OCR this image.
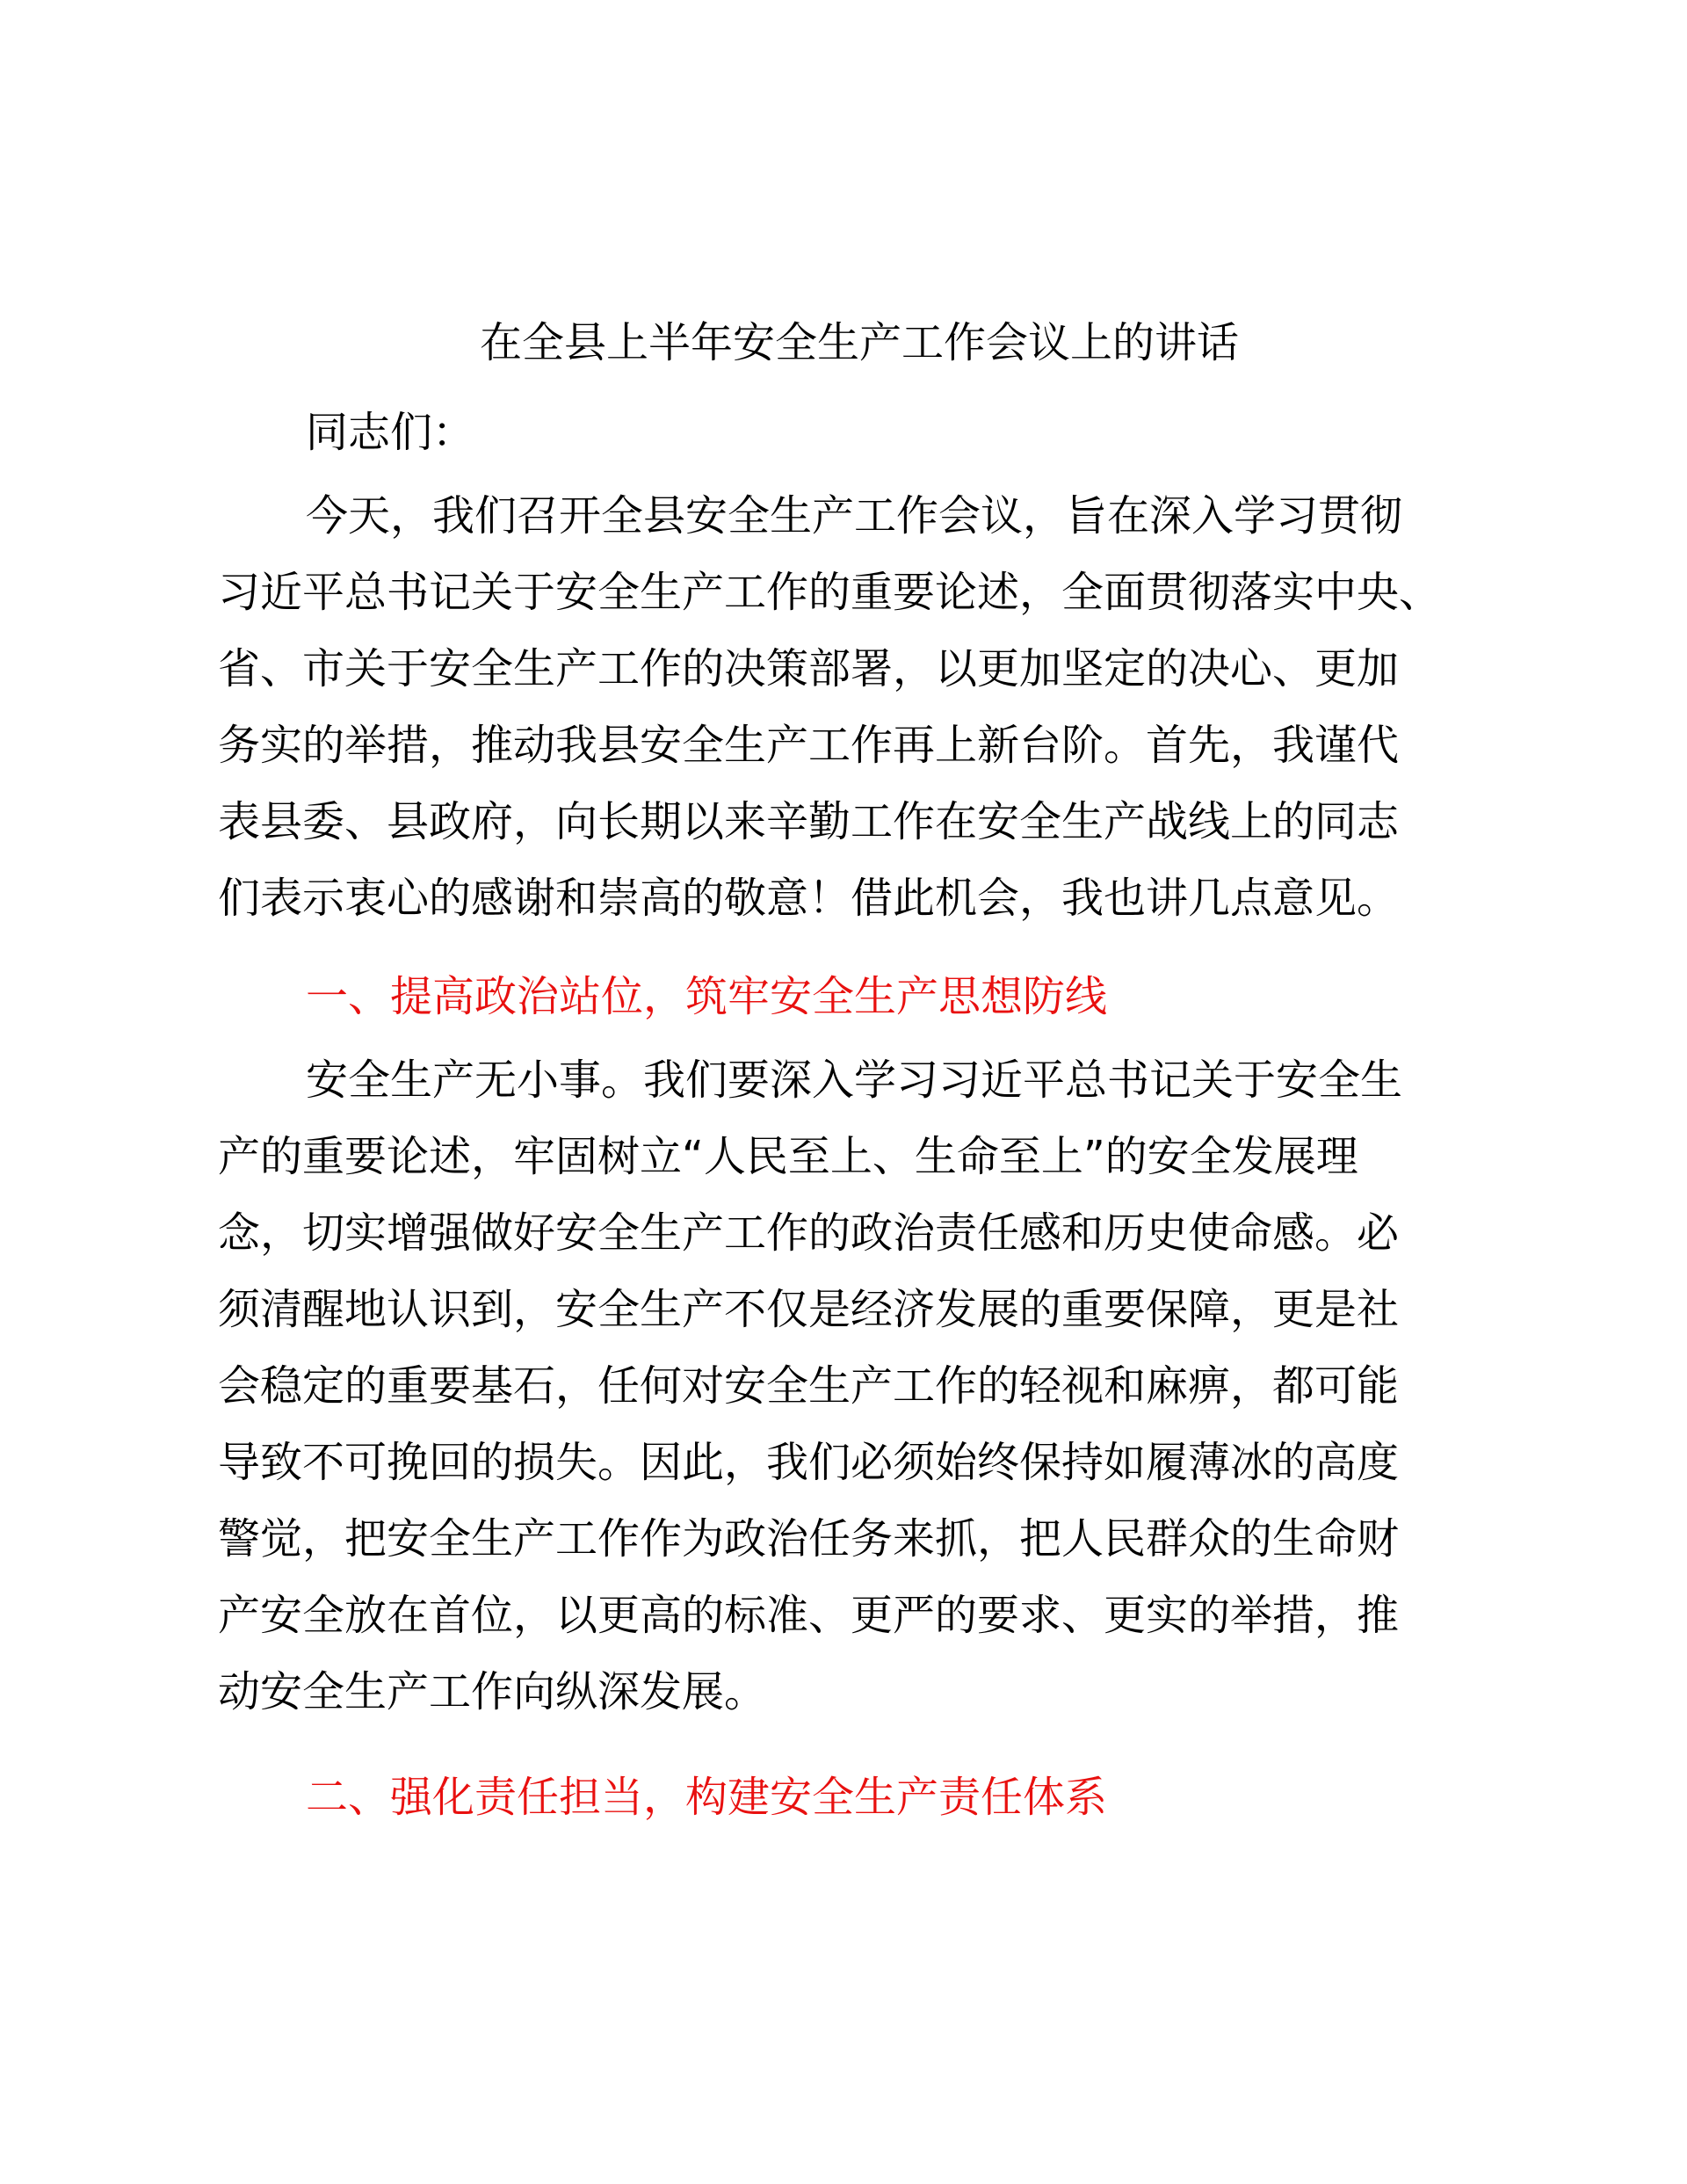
在全县上半年安全生产工作会议上的讲话

同志们：

今天，我们召开全县安全生产工作会议，旨在深入学习贯彻
习近平总书记关于安全生产工作的重要论述，全面贯彻落实中央、
省、市关于安全生产工作的决策部署，以更加坚定的决心、更加
务实的举措，推动我县安全生产工作再上新台阶。首先，我谨代
表县委、县政府，向长期以来辛勤工作在安全生产战线上的同志
们表示衷心的感谢和崇高的敬意！借此机会，我也讲几点意见。
一、提高政治站位，筑牢安全生产思想防线
安全生产无小事。我们要深入学习习近平总书记关于安全生
产的重要论述，牢固树立“人民至上、生命至上”的安全发展理
念，切实增强做好安全生产工作的政治责任感和历史使命感。必
须清醒地认识到，安全生产不仅是经济发展的重要保障，更是社
会稳定的重要基石，任何对安全生产工作的轻视和麻痹，都可能
导致不可挽回的损失。因此，我们必须始终保持如履薄冰的高度
警觉，把安全生产工作作为政治任务来抓，把人民群众的生命财
产安全放在首位，以更高的标准、更严的要求、更实的举措，推
动安全生产工作向纵深发展。
二、强化责任担当，构建安全生产责任体系
